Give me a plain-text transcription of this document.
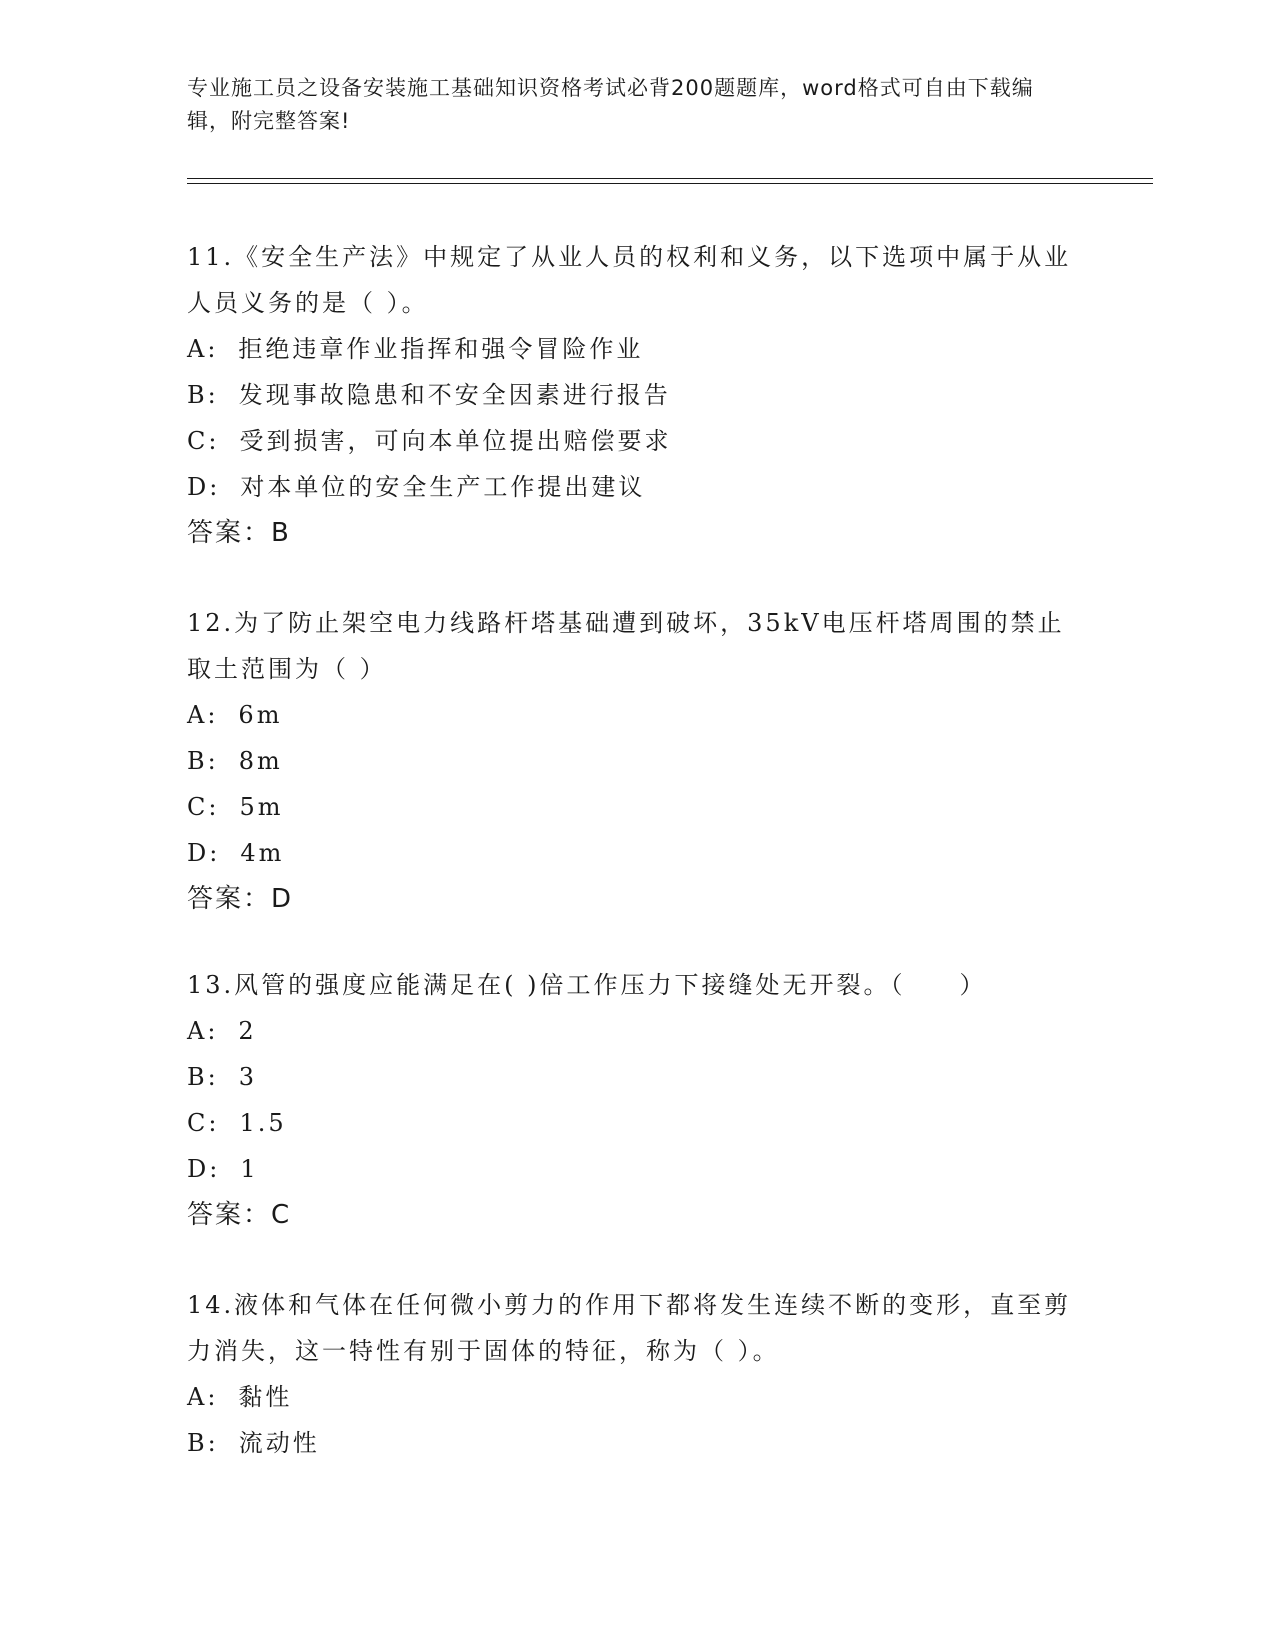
专业施工员之设备安装施工基础知识资格考试必背200题题库，word格式可自由下载编辑，附完整答案!

11.《安全生产法》中规定了从业人员的权利和义务，以下选项中属于从业人员义务的是（ ）。

A: 拒绝违章作业指挥和强令冒险作业

B: 发现事故隐患和不安全因素进行报告

C: 受到损害，可向本单位提出赔偿要求

D: 对本单位的安全生产工作提出建议

答案：B

12.为了防止架空电力线路杆塔基础遭到破坏，35kV电压杆塔周围的禁止取土范围为（ ）

A: 6m

B: 8m

C: 5m

D: 4m

答案：D

13.风管的强度应能满足在( )倍工作压力下接缝处无开裂。（　　）

A: 2

B: 3

C: 1.5

D: 1

答案：C

14.液体和气体在任何微小剪力的作用下都将发生连续不断的变形，直至剪力消失，这一特性有别于固体的特征，称为（ ）。

A: 黏性

B: 流动性
